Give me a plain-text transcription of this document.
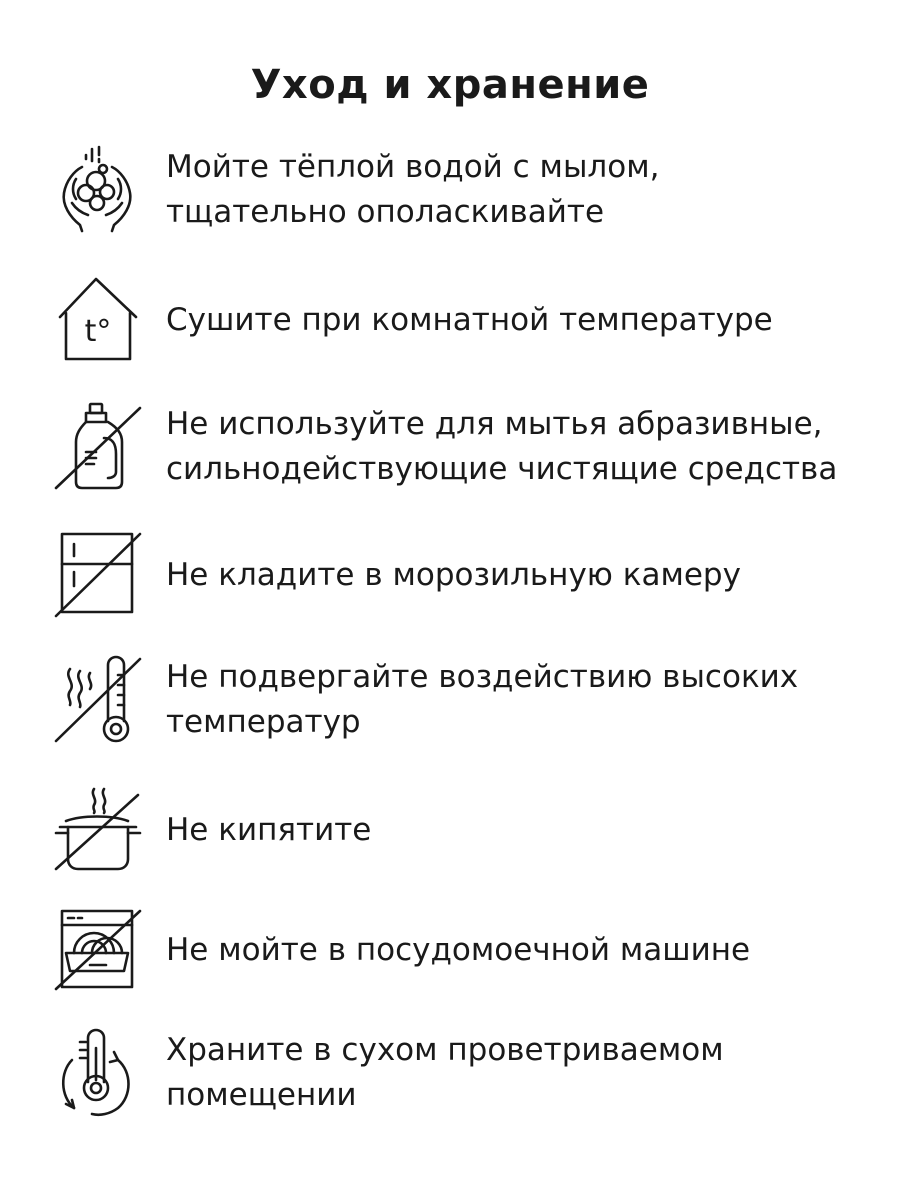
Уход и хранение
Мойте тёплой водой с мылом,
тщательно ополаскивайте
t° Сушите при комнатной температуре
Не используйте для мытья абразивные,
сильнодействующие чистящие средства
Не кладите в морозильную камеру
Не подвергайте воздействию высоких
температур
Не кипятите
Не мойте в посудомоечной машине
Храните в сухом проветриваемом
помещении
